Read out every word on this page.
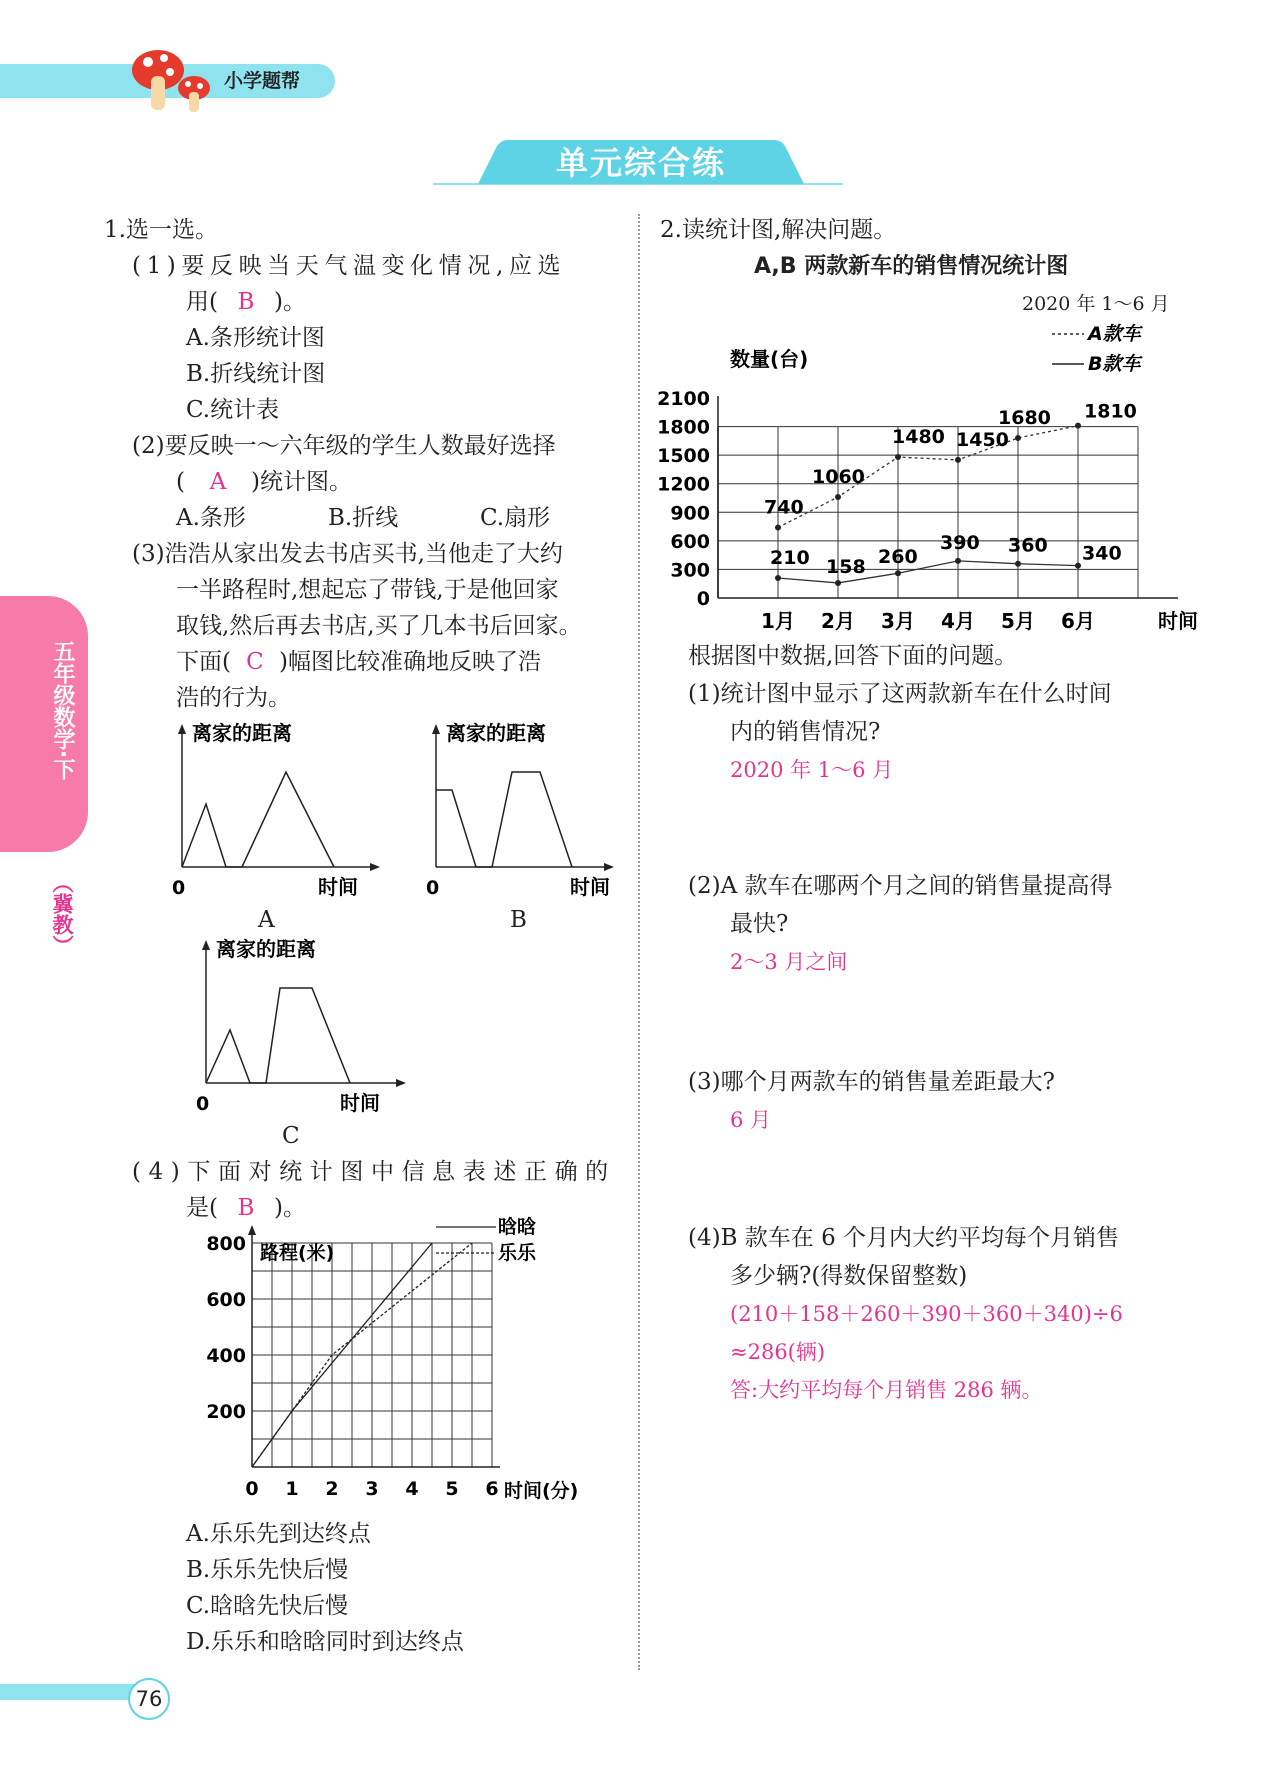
小学题帮
单元综合练
五年级数学·下
（冀教）
76
1.选一选。
(1)要反映当天气温变化情况,应选
用( B )。
A.条形统计图
B.折线统计图
C.统计表
(2)要反映一～六年级的学生人数最好选择
( A )统计图。
A.条形	B.折线	C.扇形
(3)浩浩从家出发去书店买书,当他走了大约
一半路程时,想起忘了带钱,于是他回家
取钱,然后再去书店,买了几本书后回家。
下面( C )幅图比较准确地反映了浩
浩的行为。
离家的距离
时间
0
A
离家的距离
时间
0
B
离家的距离
时间
0
C
(4)下面对统计图中信息表述正确的
是( B )。
200
400
600
800
0 1 2 3 4 5 6 时间(分)
路程(米)
晗晗
乐乐
A.乐乐先到达终点
B.乐乐先快后慢
C.晗晗先快后慢
D.乐乐和晗晗同时到达终点
2.读统计图,解决问题。
A,B 两款新车的销售情况统计图
2020 年 1～6 月
0
300
600
900
1200
1500
1800
2100
1月 2月 3月 4月 5月 6月	时间
数量(台)
A款车
B款车
740
1060
1480 1450
1680 1810
210 158 260
390 360 340
根据图中数据,回答下面的问题。
(1)统计图中显示了这两款新车在什么时间
内的销售情况?
2020 年 1～6 月
(2)A 款车在哪两个月之间的销售量提高得
最快?
2～3 月之间
(3)哪个月两款车的销售量差距最大?
6 月
(4)B 款车在 6 个月内大约平均每个月销售
多少辆?(得数保留整数)
(210＋158＋260＋390＋360＋340)÷6
≈286(辆)
答:大约平均每个月销售 286 辆。
